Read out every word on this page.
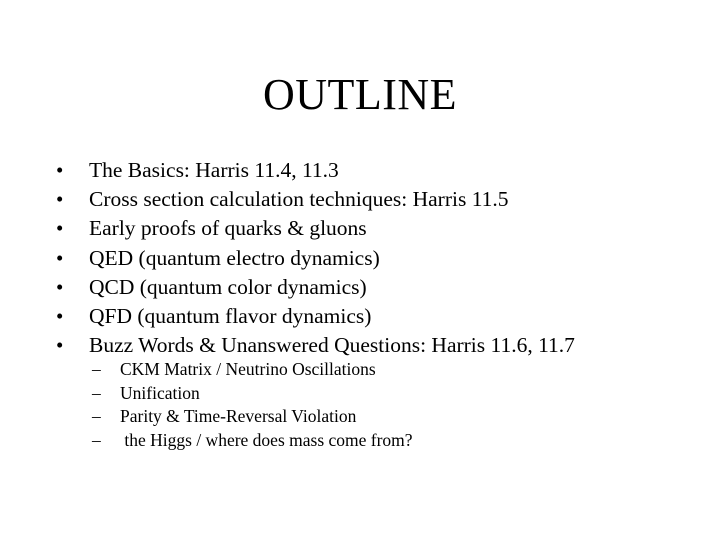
OUTLINE
•	The Basics: Harris 11.4, 11.3
•	Cross section calculation techniques: Harris 11.5
•	Early proofs of quarks & gluons
•	QED (quantum electro dynamics)
•	QCD (quantum color dynamics)
•	QFD (quantum flavor dynamics)
•	Buzz Words & Unanswered Questions: Harris 11.6, 11.7
– CKM Matrix / Neutrino Oscillations
– Unification
– Parity & Time-Reversal Violation
– the Higgs / where does mass come from?
